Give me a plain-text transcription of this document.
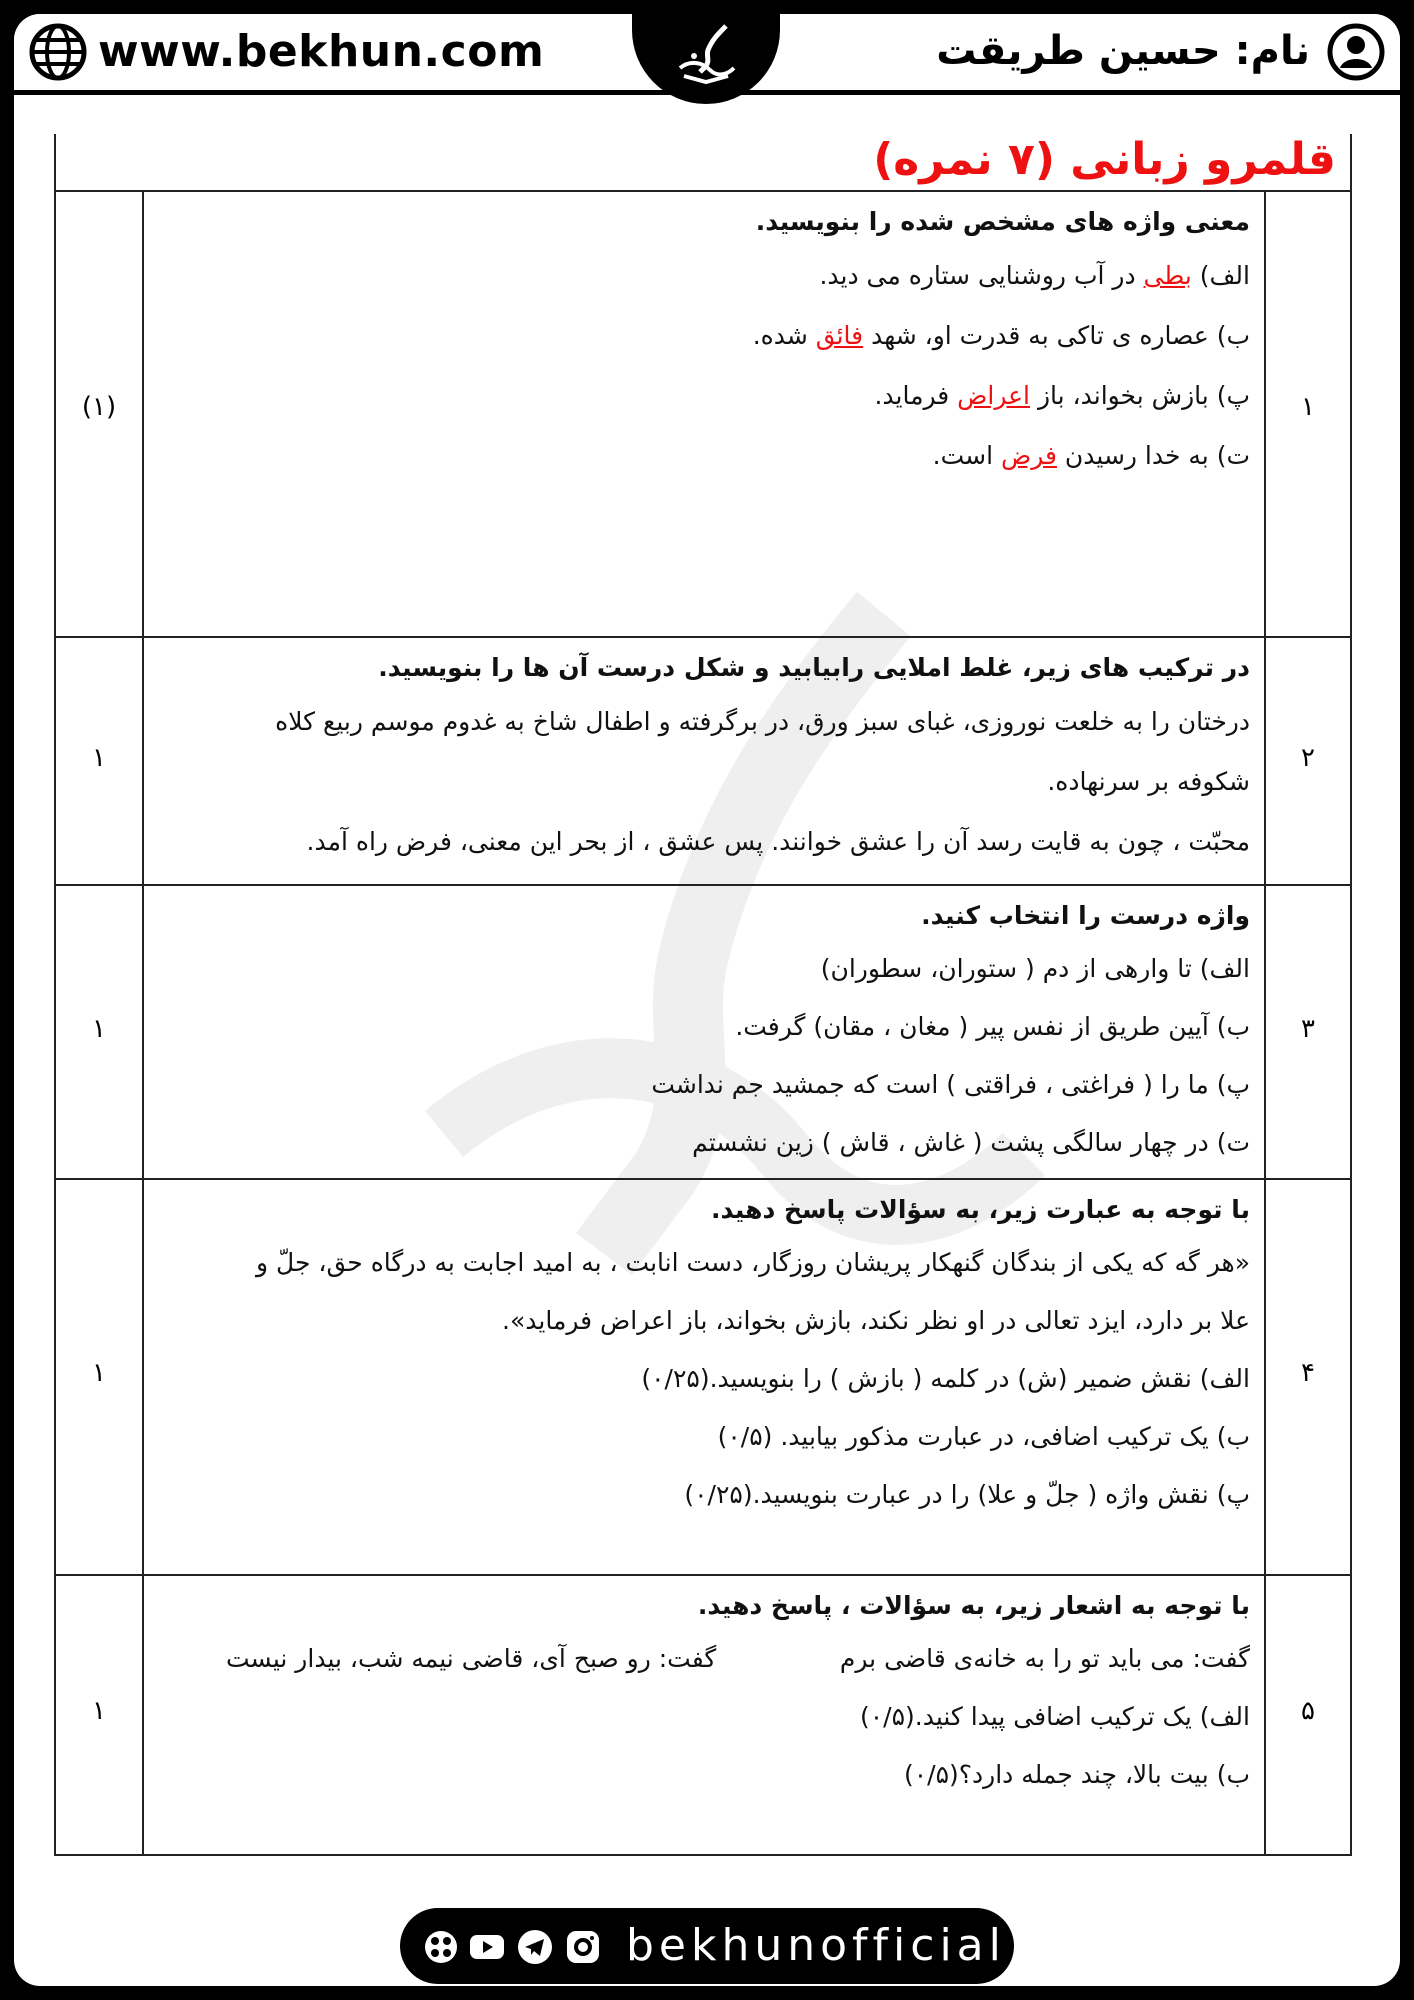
www.bekhun.com	نام: حسین طریقت
قلمرو زبانی (۷ نمره)
۱
(۱)

معنی واژه های مشخص شده را بنویسید.

الف) بطی در آب روشنایی ستاره می دید.

ب) عصاره ی تاکی به قدرت او، شهد فائق شده.

پ) بازش بخواند، باز اعراض فرماید.

ت) به خدا رسیدن فرض است.

۲
۱

در ترکیب های زیر، غلط املایی رابیابید و شکل درست آن ها را بنویسید.

درختان را به خلعت نوروزی، غبای سبز ورق، در برگرفته و اطفال شاخ به غدوم موسم ربیع کلاه

شکوفه بر سرنهاده.

محبّت ، چون به قایت رسد آن را عشق خوانند. پس عشق ، از بحر این معنی، فرض راه آمد.

۳
۱

واژه درست را انتخاب کنید.

الف) تا وارهی از دم ( ستوران، سطوران)

ب) آیین طریق از نفس پیر ( مغان ، مقان) گرفت.

پ) ما را ( فراغتی ، فراقتی ) است که جمشید جم نداشت

ت) در چهار سالگی پشت ( غاش ، قاش ) زین نشستم

۴
۱

با توجه به عبارت زیر، به سؤالات پاسخ دهید.

«هر گه که یکی از بندگان گنهکار پریشان روزگار، دست انابت ، به امید اجابت به درگاه حق، جلّ و

علا بر دارد، ایزد تعالی در او نظر نکند، بازش بخواند، باز اعراض فرماید».

الف) نقش ضمیر (ش) در کلمه ( بازش ) را بنویسید.(۰/۲۵)

ب) یک ترکیب اضافی، در عبارت مذکور بیابید. (۰/۵)

پ) نقش واژه ( جلّ و علا) را در عبارت بنویسید.(۰/۲۵)

۵
۱

با توجه به اشعار زیر، به سؤالات ، پاسخ دهید.

گفت: می باید تو را به خانه‌ی قاضی برم
گفت: رو صبح آی، قاضی نیمه شب، بیدار نیست

الف) یک ترکیب اضافی پیدا کنید.(۰/۵)

ب) بیت بالا، چند جمله دارد؟(۰/۵)

bekhunofficial
